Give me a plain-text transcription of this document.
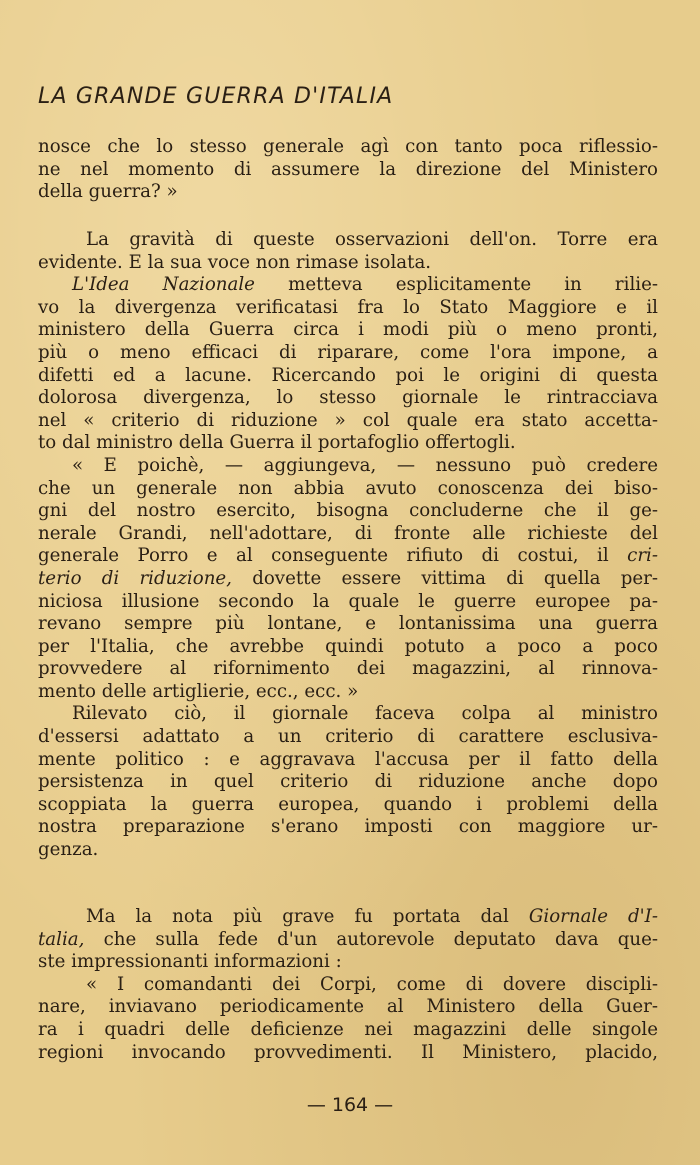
LA GRANDE GUERRA D'ITALIA
nosce che lo stesso generale agì con tanto poca riflessio-
ne nel momento di assumere la direzione del Ministero
della guerra? »
La gravità di queste osservazioni dell'on. Torre era
evidente. E la sua voce non rimase isolata.
L'Idea Nazionale metteva esplicitamente in rilie-
vo la divergenza verificatasi fra lo Stato Maggiore e il
ministero della Guerra circa i modi più o meno pronti,
più o meno efficaci di riparare, come l'ora impone, a
difetti ed a lacune. Ricercando poi le origini di questa
dolorosa divergenza, lo stesso giornale le rintracciava
nel « criterio di riduzione » col quale era stato accetta-
to dal ministro della Guerra il portafoglio offertogli.
« E poichè, — aggiungeva, — nessuno può credere
che un generale non abbia avuto conoscenza dei biso-
gni del nostro esercito, bisogna concluderne che il ge-
nerale Grandi, nell'adottare, di fronte alle richieste del
generale Porro e al conseguente rifiuto di costui, il cri-
terio di riduzione, dovette essere vittima di quella per-
niciosa illusione secondo la quale le guerre europee pa-
revano sempre più lontane, e lontanissima una guerra
per l'Italia, che avrebbe quindi potuto a poco a poco
provvedere al rifornimento dei magazzini, al rinnova-
mento delle artiglierie, ecc., ecc. »
Rilevato ciò, il giornale faceva colpa al ministro
d'essersi adattato a un criterio di carattere esclusiva-
mente politico : e aggravava l'accusa per il fatto della
persistenza in quel criterio di riduzione anche dopo
scoppiata la guerra europea, quando i problemi della
nostra preparazione s'erano imposti con maggiore ur-
genza.
Ma la nota più grave fu portata dal Giornale d'I-
talia, che sulla fede d'un autorevole deputato dava que-
ste impressionanti informazioni :
« I comandanti dei Corpi, come di dovere discipli-
nare, inviavano periodicamente al Ministero della Guer-
ra i quadri delle deficienze nei magazzini delle singole
regioni invocando provvedimenti. Il Ministero, placido,
— 164 —
